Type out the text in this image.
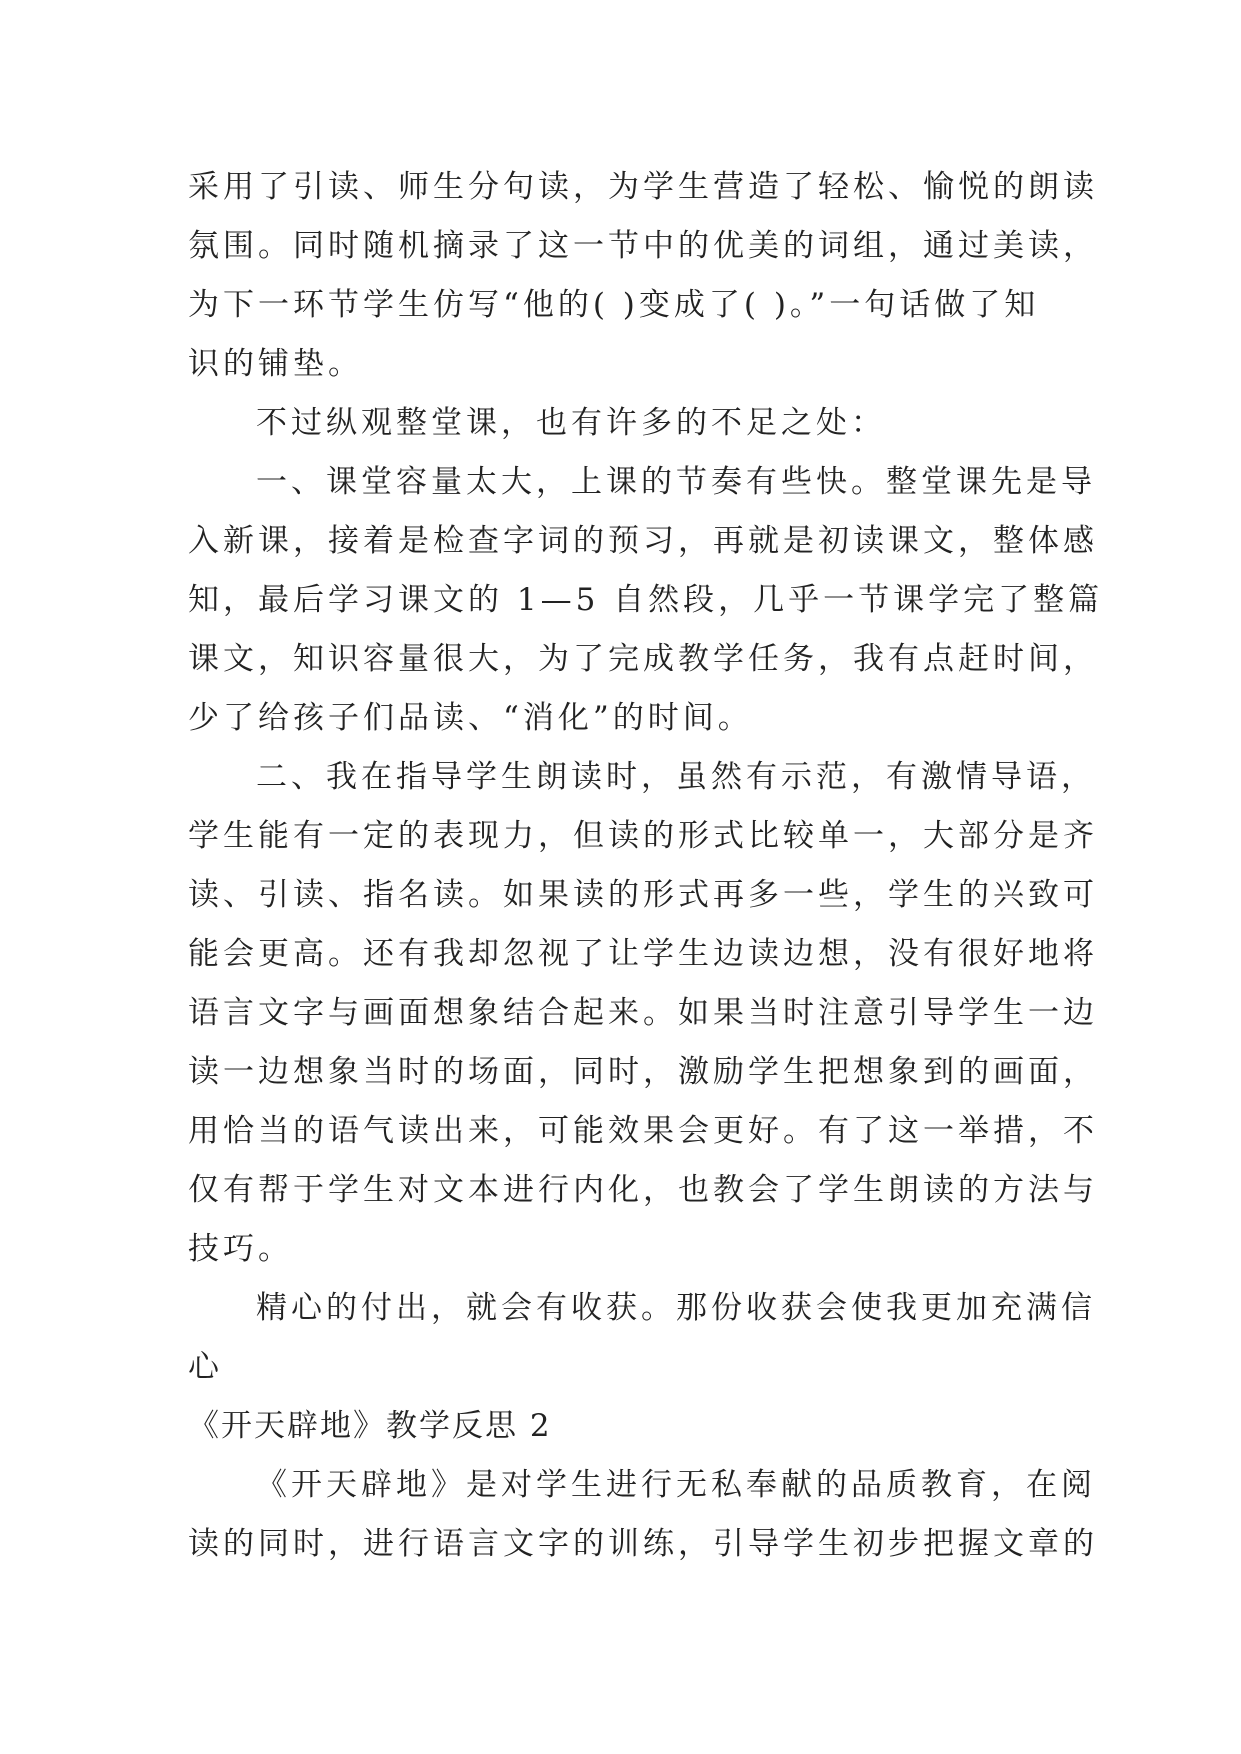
采用了引读、师生分句读，为学生营造了轻松、愉悦的朗读
氛围。同时随机摘录了这一节中的优美的词组，通过美读，
为下一环节学生仿写“他的( )变成了( )。”一句话做了知
识的铺垫。
不过纵观整堂课，也有许多的不足之处：
一、课堂容量太大，上课的节奏有些快。整堂课先是导
入新课，接着是检查字词的预习，再就是初读课文，整体感
知，最后学习课文的 1—5 自然段，几乎一节课学完了整篇
课文，知识容量很大，为了完成教学任务，我有点赶时间，
少了给孩子们品读、“消化”的时间。
二、我在指导学生朗读时，虽然有示范，有激情导语，
学生能有一定的表现力，但读的形式比较单一，大部分是齐
读、引读、指名读。如果读的形式再多一些，学生的兴致可
能会更高。还有我却忽视了让学生边读边想，没有很好地将
语言文字与画面想象结合起来。如果当时注意引导学生一边
读一边想象当时的场面，同时，激励学生把想象到的画面，
用恰当的语气读出来，可能效果会更好。有了这一举措，不
仅有帮于学生对文本进行内化，也教会了学生朗读的方法与
技巧。
精心的付出，就会有收获。那份收获会使我更加充满信
心
《开天辟地》教学反思 2
《开天辟地》是对学生进行无私奉献的品质教育，在阅
读的同时，进行语言文字的训练，引导学生初步把握文章的
